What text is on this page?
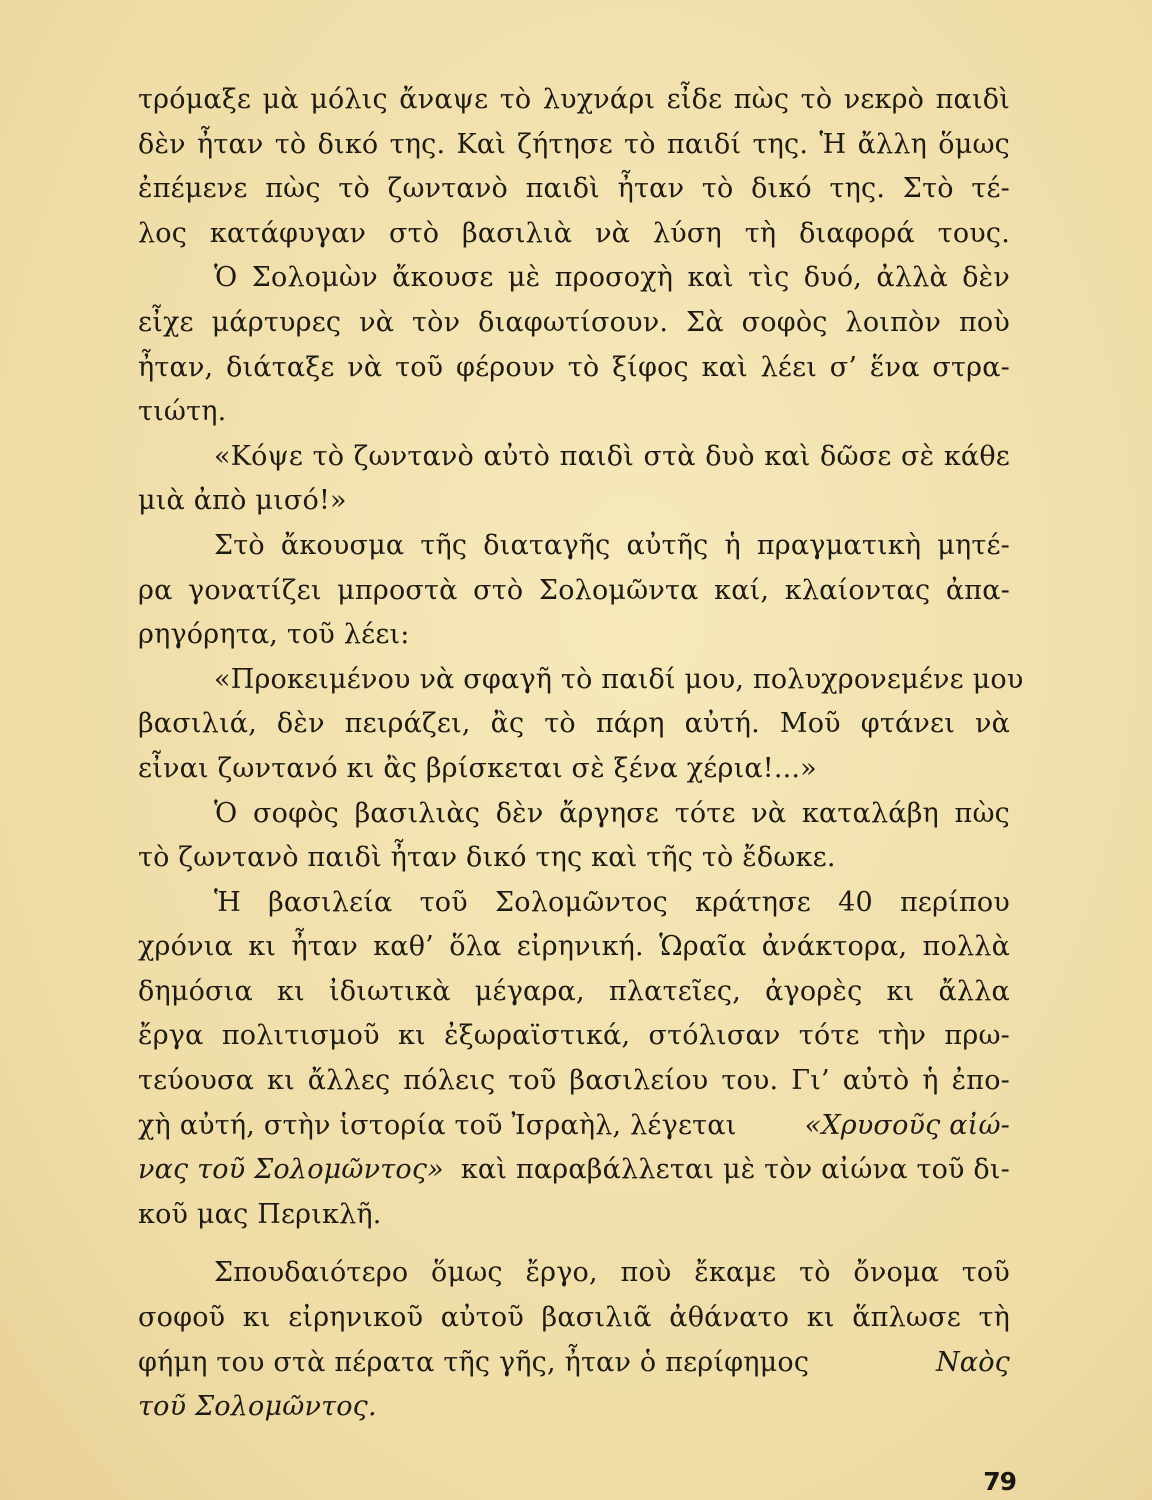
τρόμαξε μὰ μόλις ἄναψε τὸ λυχνάρι εἶδε πὼς τὸ νεκρὸ παιδὶ
δὲν ἦταν τὸ δικό της. Καὶ ζήτησε τὸ παιδί της. Ἡ ἄλλη ὅμως
ἐπέμενε πὼς τὸ ζωντανὸ παιδὶ ἦταν τὸ δικό της. Στὸ τέ-
λος κατάφυγαν στὸ βασιλιὰ νὰ λύση τὴ διαφορά τους.
Ὁ Σολομὼν ἄκουσε μὲ προσοχὴ καὶ τὶς δυό, ἀλλὰ δὲν
εἶχε μάρτυρες νὰ τὸν διαφωτίσουν. Σὰ σοφὸς λοιπὸν ποὺ
ἦταν, διάταξε νὰ τοῦ φέρουν τὸ ξίφος καὶ λέει σ’ ἕνα στρα-
τιώτη.
«Κόψε τὸ ζωντανὸ αὐτὸ παιδὶ στὰ δυὸ καὶ δῶσε σὲ κάθε
μιὰ ἀπὸ μισό!»
Στὸ ἄκουσμα τῆς διαταγῆς αὐτῆς ἡ πραγματικὴ μητέ-
ρα γονατίζει μπροστὰ στὸ Σολομῶντα καί, κλαίοντας ἀπα-
ρηγόρητα, τοῦ λέει:
«Προκειμένου νὰ σφαγῆ τὸ παιδί μου, πολυχρονεμένε μου
βασιλιά, δὲν πειράζει, ἂς τὸ πάρη αὐτή. Μοῦ φτάνει νὰ
εἶναι ζωντανό κι ἂς βρίσκεται σὲ ξένα χέρια!...»
Ὁ σοφὸς βασιλιὰς δὲν ἄργησε τότε νὰ καταλάβη πὼς
τὸ ζωντανὸ παιδὶ ἦταν δικό της καὶ τῆς τὸ ἔδωκε.
Ἡ βασιλεία τοῦ Σολομῶντος κράτησε 40 περίπου
χρόνια κι ἦταν καθ’ ὅλα εἰρηνική. Ὡραῖα ἀνάκτορα, πολλὰ
δημόσια κι ἰδιωτικὰ μέγαρα, πλατεῖες, ἀγορὲς κι ἄλλα
ἔργα πολιτισμοῦ κι ἐξωραϊστικά, στόλισαν τότε τὴν πρω-
τεύουσα κι ἄλλες πόλεις τοῦ βασιλείου του. Γι’ αὐτὸ ἡ ἐπο-
χὴ αὐτή, στὴν ἱστορία τοῦ Ἰσραὴλ, λέγεται	«Χρυσοῦς αἰώ-
νας τοῦ Σολομῶντος» καὶ παραβάλλεται μὲ τὸν αἰώνα τοῦ δι-
κοῦ μας Περικλῆ.
Σπουδαιότερο ὅμως ἔργο, ποὺ ἔκαμε τὸ ὄνομα τοῦ
σοφοῦ κι εἰρηνικοῦ αὐτοῦ βασιλιᾶ ἀθάνατο κι ἅπλωσε τὴ
φήμη του στὰ πέρατα τῆς γῆς, ἦταν ὁ περίφημος	Ναὸς
τοῦ Σολομῶντος.
79
